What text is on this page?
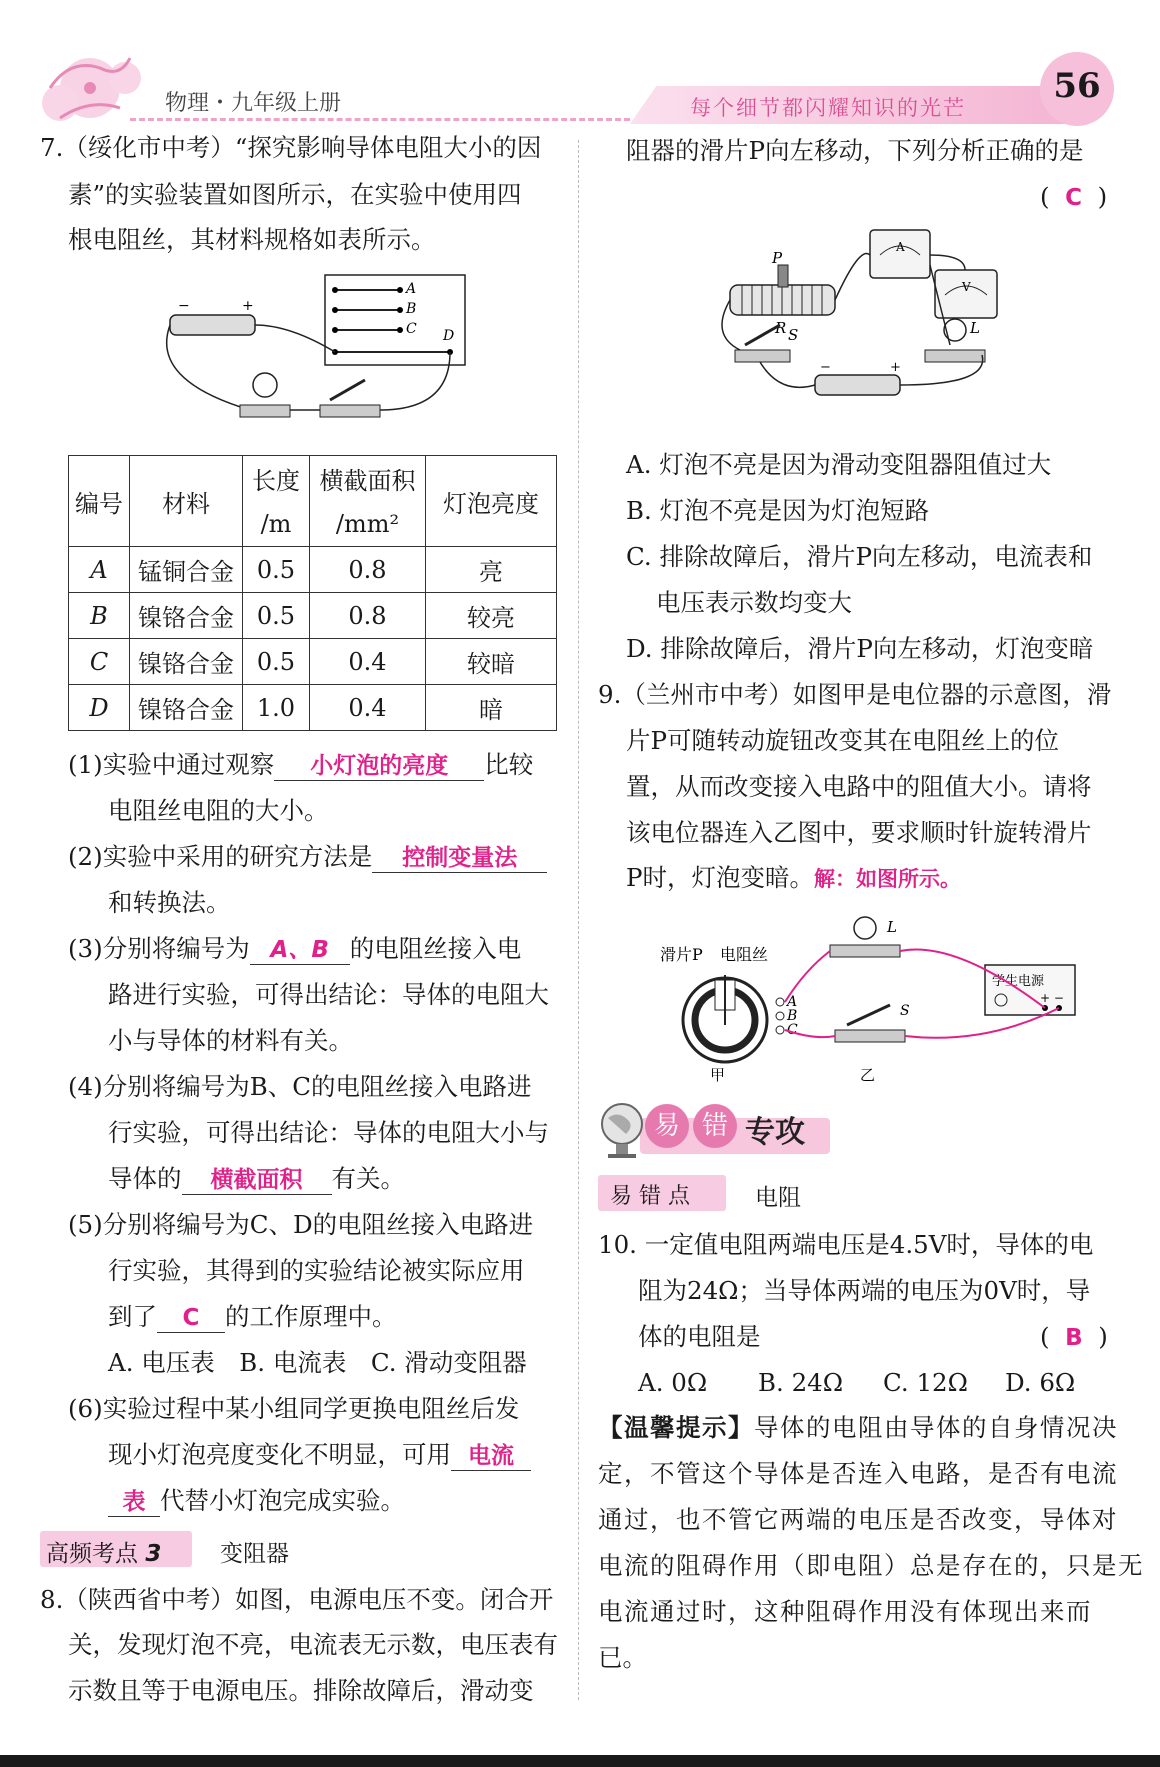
物理・九年级上册	每个细节都闪耀知识的光芒
56
7.（绥化市中考）“探究影响导体电阻大小的因
素”的实验装置如图所示，在实验中使用四
根电阻丝，其材料规格如表所示。
A
B
C D
−	+
编号	材料	长度	横截面积	灯泡亮度
		/m	/mm²	
A	锰铜合金	0.5	0.8	亮
B	镍铬合金	0.5	0.8	较亮
C	镍铬合金	0.5	0.4	较暗
D	镍铬合金	1.0	0.4	暗
(1)实验中通过观察 小灯泡的亮度 比较
电阻丝电阻的大小。
(2)实验中采用的研究方法是 控制变量法
和转换法。
(3)分别将编号为 A、B 的电阻丝接入电
路进行实验，可得出结论：导体的电阻大
小与导体的材料有关。
(4)分别将编号为B、C的电阻丝接入电路进
行实验，可得出结论：导体的电阻大小与
导体的 横截面积 有关。
(5)分别将编号为C、D的电阻丝接入电路进
行实验，其得到的实验结论被实际应用
到了 C 的工作原理中。
A. 电压表　B. 电流表　C. 滑动变阻器
(6)实验过程中某小组同学更换电阻丝后发
现小灯泡亮度变化不明显，可用 电流
表 代替小灯泡完成实验。
高频考点 3	变阻器
8.（陕西省中考）如图，电源电压不变。闭合开
关，发现灯泡不亮，电流表无示数，电压表有
示数且等于电源电压。排除故障后，滑动变
阻器的滑片P向左移动，下列分析正确的是
( C )
P
R
A
V
S	L
−	+
A. 灯泡不亮是因为滑动变阻器阻值过大
B. 灯泡不亮是因为灯泡短路
C. 排除故障后，滑片P向左移动，电流表和
电压表示数均变大
D. 排除故障后，滑片P向左移动，灯泡变暗
9.（兰州市中考）如图甲是电位器的示意图，滑
片P可随转动旋钮改变其在电阻丝上的位
置，从而改变接入电路中的阻值大小。请将
该电位器连入乙图中，要求顺时针旋转滑片
P时，灯泡变暗。解：如图所示。
滑片P 电阻丝
A
B
C
甲	乙
L
S
学生电源
+ −
易 错 专攻
易 错 点	电阻
10. 一定值电阻两端电压是4.5V时，导体的电
阻为24Ω；当导体两端的电压为0V时，导
体的电阻是	( B )
A. 0Ω B. 24Ω C. 12Ω D. 6Ω
【温馨提示】导体的电阻由导体的自身情况决
定，不管这个导体是否连入电路，是否有电流
通过，也不管它两端的电压是否改变，导体对
电流的阻碍作用（即电阻）总是存在的，只是无
电流通过时，这种阻碍作用没有体现出来而
已。
